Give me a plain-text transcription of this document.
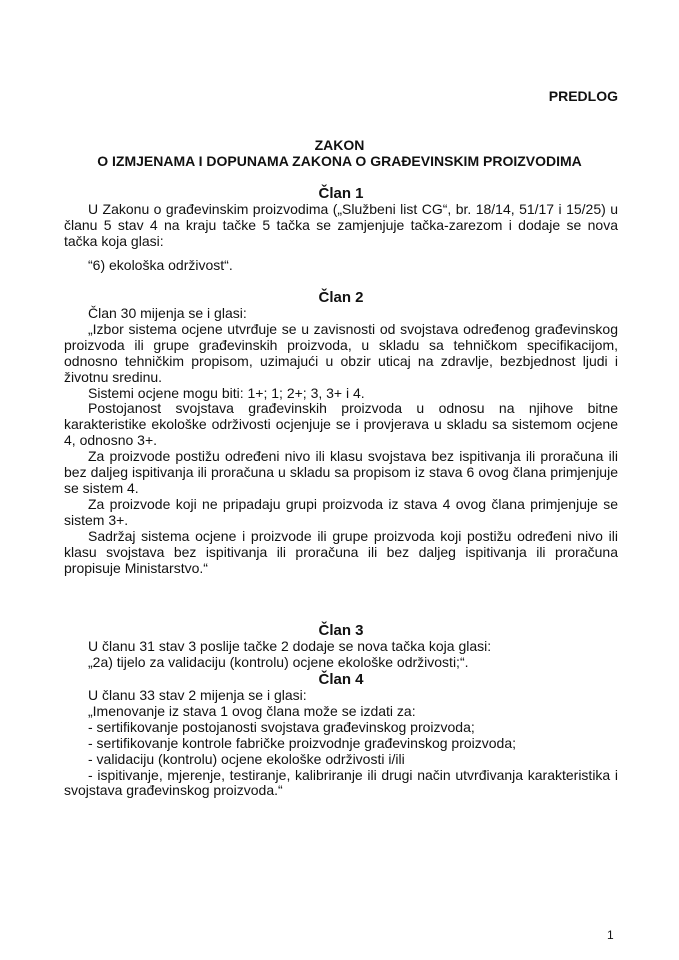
PREDLOG
ZAKON
O IZMJENAMA I DOPUNAMA ZAKONA O GRAĐEVINSKIM PROIZVODIMA
Član 1

U Zakonu o građevinskim proizvodima („Službeni list CG“, br. 18/14, 51/17 i 15/25) u članu 5 stav 4 na kraju tačke 5 tačka se zamjenjuje tačka-zarezom i dodaje se nova tačka koja glasi:

“6) ekološka održivost“.

Član 2

Član 30 mijenja se i glasi:

„Izbor sistema ocjene utvrđuje se u zavisnosti od svojstava određenog građevinskog proizvoda ili grupe građevinskih proizvoda, u skladu sa tehničkom specifikacijom, odnosno tehničkim propisom, uzimajući u obzir uticaj na zdravlje, bezbjednost ljudi i životnu sredinu.

Sistemi ocjene mogu biti: 1+; 1; 2+; 3, 3+ i 4.

Postojanost svojstava građevinskih proizvoda u odnosu na njihove bitne karakteristike ekološke održivosti ocjenjuje se i provjerava u skladu sa sistemom ocjene 4, odnosno 3+.

Za proizvode postižu određeni nivo ili klasu svojstava bez ispitivanja ili proračuna ili bez daljeg ispitivanja ili proračuna u skladu sa propisom iz stava 6 ovog člana primjenjuje se sistem 4.

Za proizvode koji ne pripadaju grupi proizvoda iz stava 4 ovog člana primjenjuje se sistem 3+.

Sadržaj sistema ocjene i proizvode ili grupe proizvoda koji postižu određeni nivo ili klasu svojstava bez ispitivanja ili proračuna ili bez daljeg ispitivanja ili proračuna propisuje Ministarstvo.“

Član 3

U članu 31 stav 3 poslije tačke 2 dodaje se nova tačka koja glasi:

„2a) tijelo za validaciju (kontrolu) ocjene ekološke održivosti;“.

Član 4

U članu 33 stav 2 mijenja se i glasi:

„Imenovanje iz stava 1 ovog člana može se izdati za:

- sertifikovanje postojanosti svojstava građevinskog proizvoda;

- sertifikovanje kontrole fabričke proizvodnje građevinskog proizvoda;

- validaciju (kontrolu) ocjene ekološke održivosti i/ili

- ispitivanje, mjerenje, testiranje, kalibriranje ili drugi način utvrđivanja karakteristika i svojstava građevinskog proizvoda.“

1
